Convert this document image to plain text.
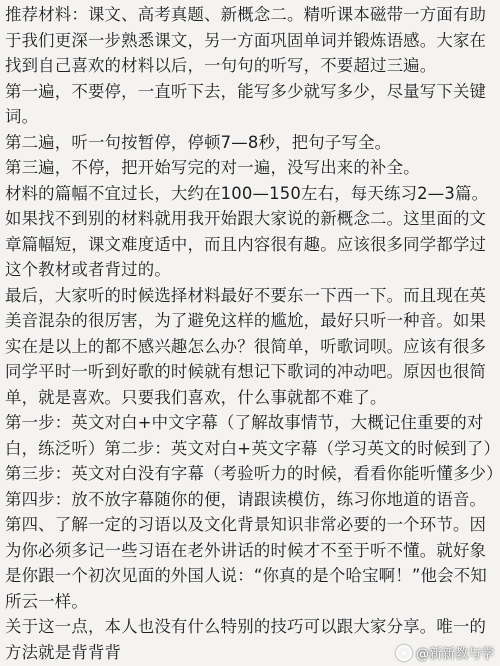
推荐材料：课文、高考真题、新概念二。精听课本磁带一方面有助于我们更深一步熟悉课文，另一方面巩固单词并锻炼语感。大家在找到自己喜欢的材料以后，一句句的听写，不要超过三遍。

第一遍，不要停，一直听下去，能写多少就写多少，尽量写下关键词。

第二遍，听一句按暂停，停顿7—8秒，把句子写全。

第三遍，不停，把开始写完的对一遍，没写出来的补全。

材料的篇幅不宜过长，大约在100—150左右，每天练习2—3篇。如果找不到别的材料就用我开始跟大家说的新概念二。这里面的文章篇幅短，课文难度适中，而且内容很有趣。应该很多同学都学过这个教材或者背过的。

最后，大家听的时候选择材料最好不要东一下西一下。而且现在英美音混杂的很厉害，为了避免这样的尴尬，最好只听一种音。如果实在是以上的都不感兴趣怎么办？很简单，听歌词呗。应该有很多同学平时一听到好歌的时候就有想记下歌词的冲动吧。原因也很简单，就是喜欢。只要我们喜欢，什么事就都不难了。

第一步：英文对白+中文字幕（了解故事情节，大概记住重要的对白，练泛听）第二步：英文对白+英文字幕（学习英文的时候到了）第三步：英文对白没有字幕（考验听力的时候，看看你能听懂多少）第四步：放不放字幕随你的便，请跟读模仿，练习你地道的语音。

第四、了解一定的习语以及文化背景知识非常必要的一个环节。因为你必须多记一些习语在老外讲话的时候才不至于听不懂。就好象是你跟一个初次见面的外国人说：“你真的是个哈宝啊！”他会不知所云一样。

关于这一点，本人也没有什么特别的技巧可以跟大家分享。唯一的方法就是背背背	@新新教与学
